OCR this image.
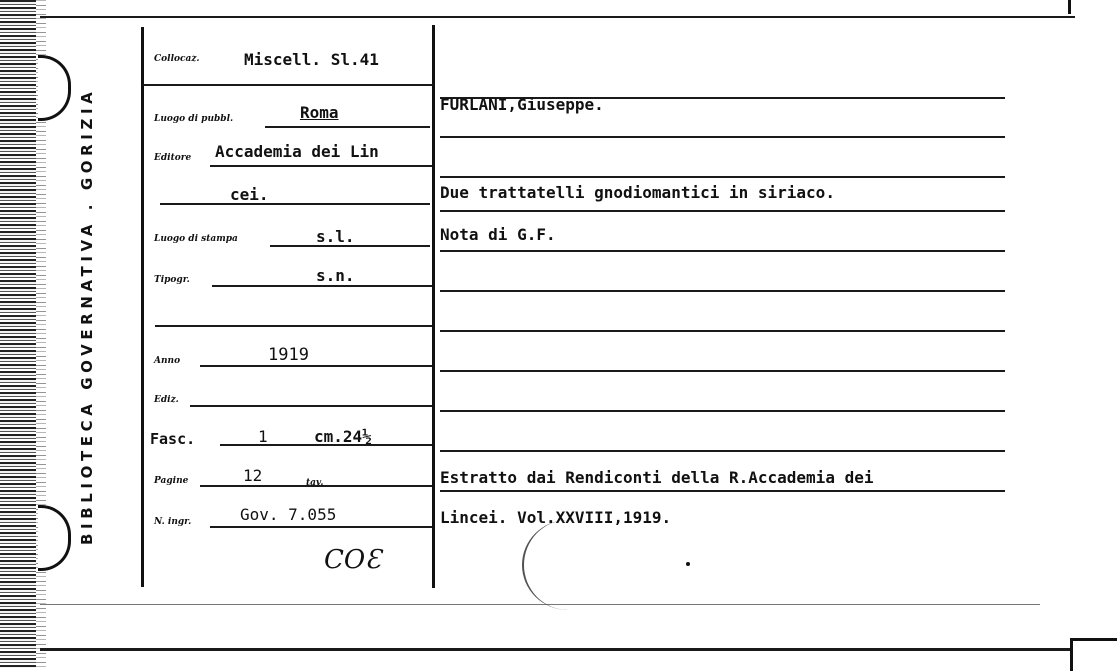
BIBLIOTECA GOVERNATIVA . GORIZIA
Collocaz.
Luogo di pubbl.
Editore
Luogo di stampa
Tipogr.
Anno
Ediz.
Fasc.
Pagine	tav.
N. ingr.
Miscell. Sl.41
Roma
Accademia dei Lin
cei.
s.l.
s.n.
1919
1	cm.24½
12
Gov. 7.055
COƐ
FURLANI,Giuseppe.
Due trattatelli gnodiomantici in siriaco.
Nota di G.F.
Estratto dai Rendiconti della R.Accademia dei
Lincei. Vol.XXVIII,1919.
